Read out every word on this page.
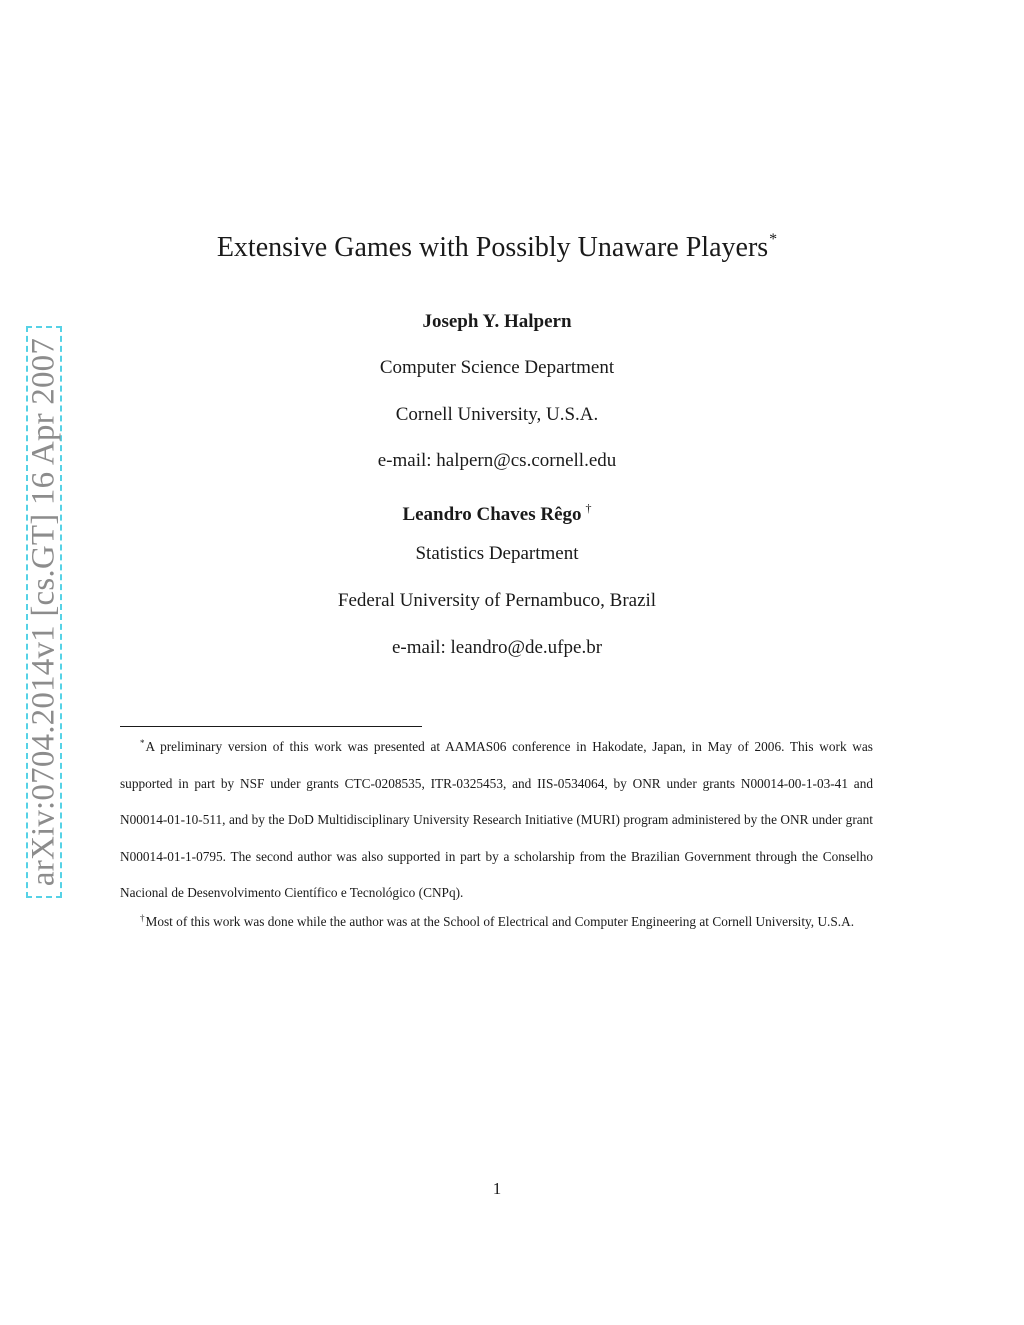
arXiv:0704.2014v1 [cs.GT] 16 Apr 2007
Extensive Games with Possibly Unaware Players*
Joseph Y. Halpern
Computer Science Department
Cornell University, U.S.A.
e-mail: halpern@cs.cornell.edu
Leandro Chaves Rêgo †
Statistics Department
Federal University of Pernambuco, Brazil
e-mail: leandro@de.ufpe.br

*A preliminary version of this work was presented at AAMAS06 conference in Hakodate, Japan, in May of 2006. This work was supported in part by NSF under grants CTC-0208535, ITR-0325453, and IIS-0534064, by ONR under grants N00014-00-1-03-41 and N00014-01-10-511, and by the DoD Multidisciplinary University Research Initiative (MURI) program administered by the ONR under grant N00014-01-1-0795. The second author was also supported in part by a scholarship from the Brazilian Government through the Conselho Nacional de Desenvolvimento Científico e Tecnológico (CNPq).

†Most of this work was done while the author was at the School of Electrical and Computer Engineering at Cornell University, U.S.A.

1
